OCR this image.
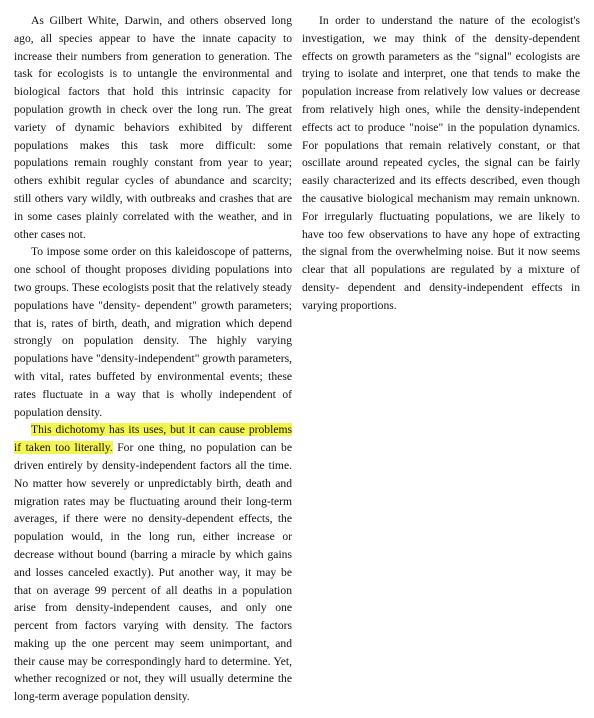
As Gilbert White, Darwin, and others observed long ago, all species appear to have the innate capacity to increase their numbers from generation to generation. The task for ecologists is to untangle the environmental and biological factors that hold this intrinsic capacity for population growth in check over the long run. The great variety of dynamic behaviors exhibited by different populations makes this task more difficult: some populations remain roughly constant from year to year; others exhibit regular cycles of abundance and scarcity; still others vary wildly, with outbreaks and crashes that are in some cases plainly correlated with the weather, and in other cases not.

To impose some order on this kaleidoscope of patterns, one school of thought proposes dividing populations into two groups. These ecologists posit that the relatively steady populations have "density- dependent" growth parameters; that is, rates of birth, death, and migration which depend strongly on population density. The highly varying populations have "density-independent" growth parameters, with vital, rates buffeted by environmental events; these rates fluctuate in a way that is wholly independent of population density.

This dichotomy has its uses, but it can cause problems if taken too literally. For one thing, no population can be driven entirely by density-independent factors all the time. No matter how severely or unpredictably birth, death and migration rates may be fluctuating around their long-term averages, if there were no density-dependent effects, the population would, in the long run, either increase or decrease without bound (barring a miracle by which gains and losses canceled exactly). Put another way, it may be that on average 99 percent of all deaths in a population arise from density-independent causes, and only one percent from factors varying with density. The factors making up the one percent may seem unimportant, and their cause may be correspondingly hard to determine. Yet, whether recognized or not, they will usually determine the long-term average population density.

In order to understand the nature of the ecologist's investigation, we may think of the density-dependent effects on growth parameters as the "signal" ecologists are trying to isolate and interpret, one that tends to make the population increase from relatively low values or decrease from relatively high ones, while the density-independent effects act to produce "noise" in the population dynamics. For populations that remain relatively constant, or that oscillate around repeated cycles, the signal can be fairly easily characterized and its effects described, even though the causative biological mechanism may remain unknown. For irregularly fluctuating populations, we are likely to have too few observations to have any hope of extracting the signal from the overwhelming noise. But it now seems clear that all populations are regulated by a mixture of density- dependent and density-independent effects in varying proportions.
